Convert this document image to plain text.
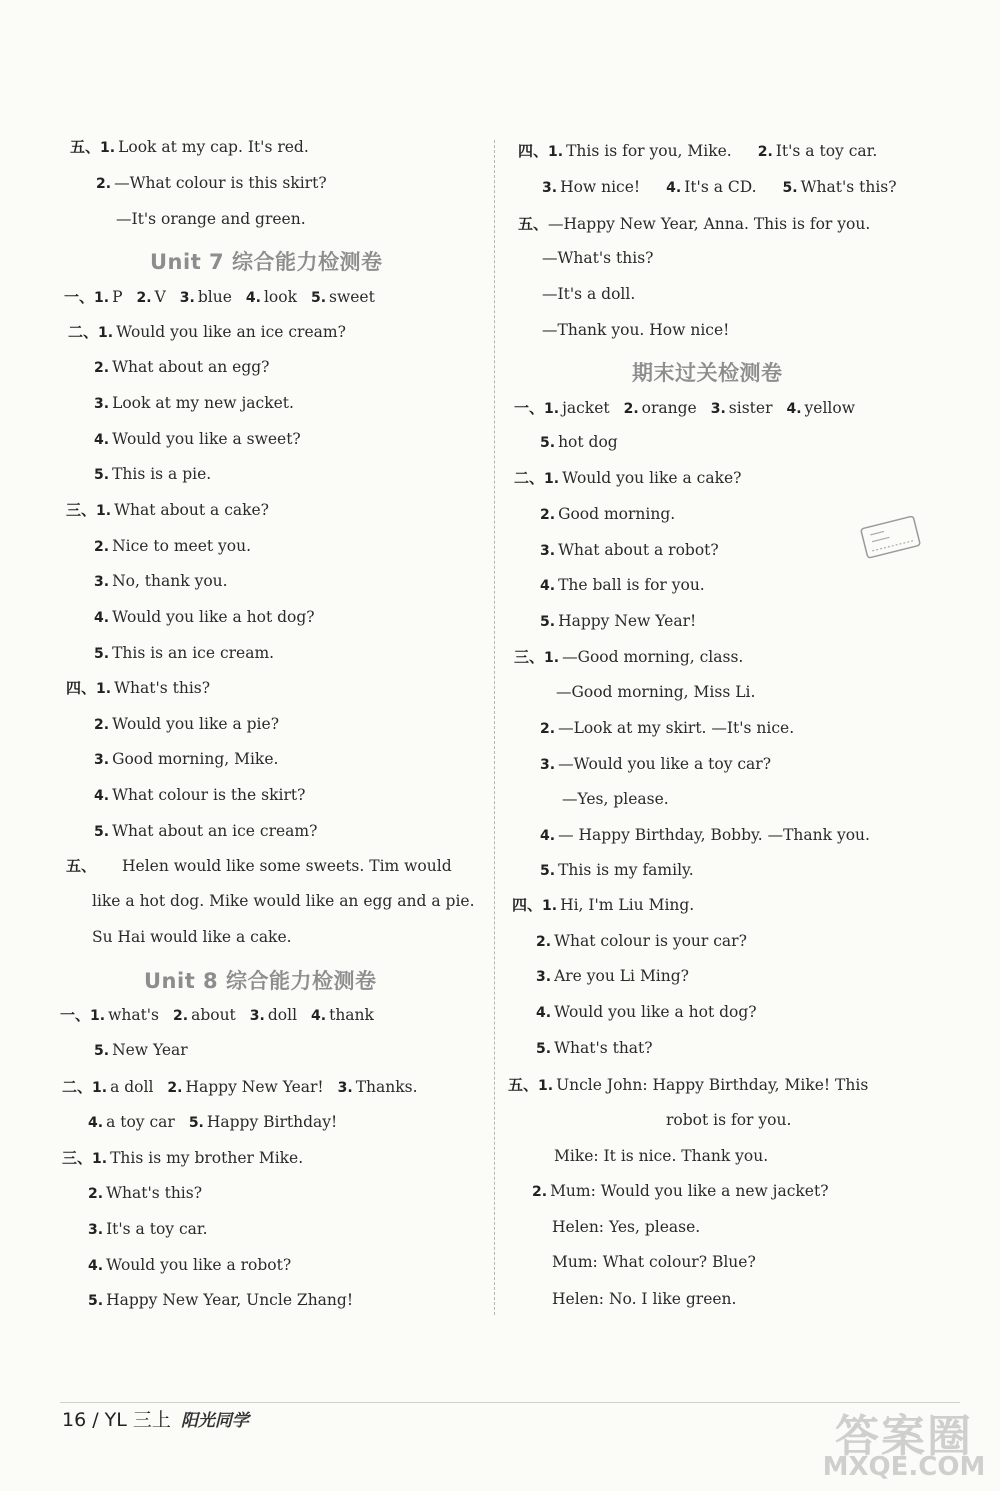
五、1. Look at my cap. It's red.
2. —What colour is this skirt?
—It's orange and green.
Unit 7 综合能力检测卷
一、1. P 2. V 3. blue 4. look 5. sweet
二、1. Would you like an ice cream?
2. What about an egg?
3. Look at my new jacket.
4. Would you like a sweet?
5. This is a pie.
三、1. What about a cake?
2. Nice to meet you.
3. No, thank you.
4. Would you like a hot dog?
5. This is an ice cream.
四、1. What's this?
2. Would you like a pie?
3. Good morning, Mike.
4. What colour is the skirt?
5. What about an ice cream?
五、 Helen would like some sweets. Tim would
like a hot dog. Mike would like an egg and a pie.
Su Hai would like a cake.
Unit 8 综合能力检测卷
一、1. what's 2. about 3. doll 4. thank
5. New Year
二、1. a doll 2. Happy New Year! 3. Thanks.
4. a toy car 5. Happy Birthday!
三、1. This is my brother Mike.
2. What's this?
3. It's a toy car.
4. Would you like a robot?
5. Happy New Year, Uncle Zhang!
四、1. This is for you, Mike. 2. It's a toy car.
3. How nice! 4. It's a CD. 5. What's this?
五、—Happy New Year, Anna. This is for you.
—What's this?
—It's a doll.
—Thank you. How nice!
期末过关检测卷
一、1. jacket 2. orange 3. sister 4. yellow
5. hot dog
二、1. Would you like a cake?
2. Good morning.
3. What about a robot?
4. The ball is for you.
5. Happy New Year!
三、1. —Good morning, class.
—Good morning, Miss Li.
2. —Look at my skirt. —It's nice.
3. —Would you like a toy car?
—Yes, please.
4. — Happy Birthday, Bobby. —Thank you.
5. This is my family.
四、1. Hi, I'm Liu Ming.
2. What colour is your car?
3. Are you Li Ming?
4. Would you like a hot dog?
5. What's that?
五、1. Uncle John: Happy Birthday, Mike! This
robot is for you.
Mike: It is nice. Thank you.
2. Mum: Would you like a new jacket?
Helen: Yes, please.
Mum: What colour? Blue?
Helen: No. I like green.
16 / YL 三上 阳光同学	答案圈
MXQE.COM
